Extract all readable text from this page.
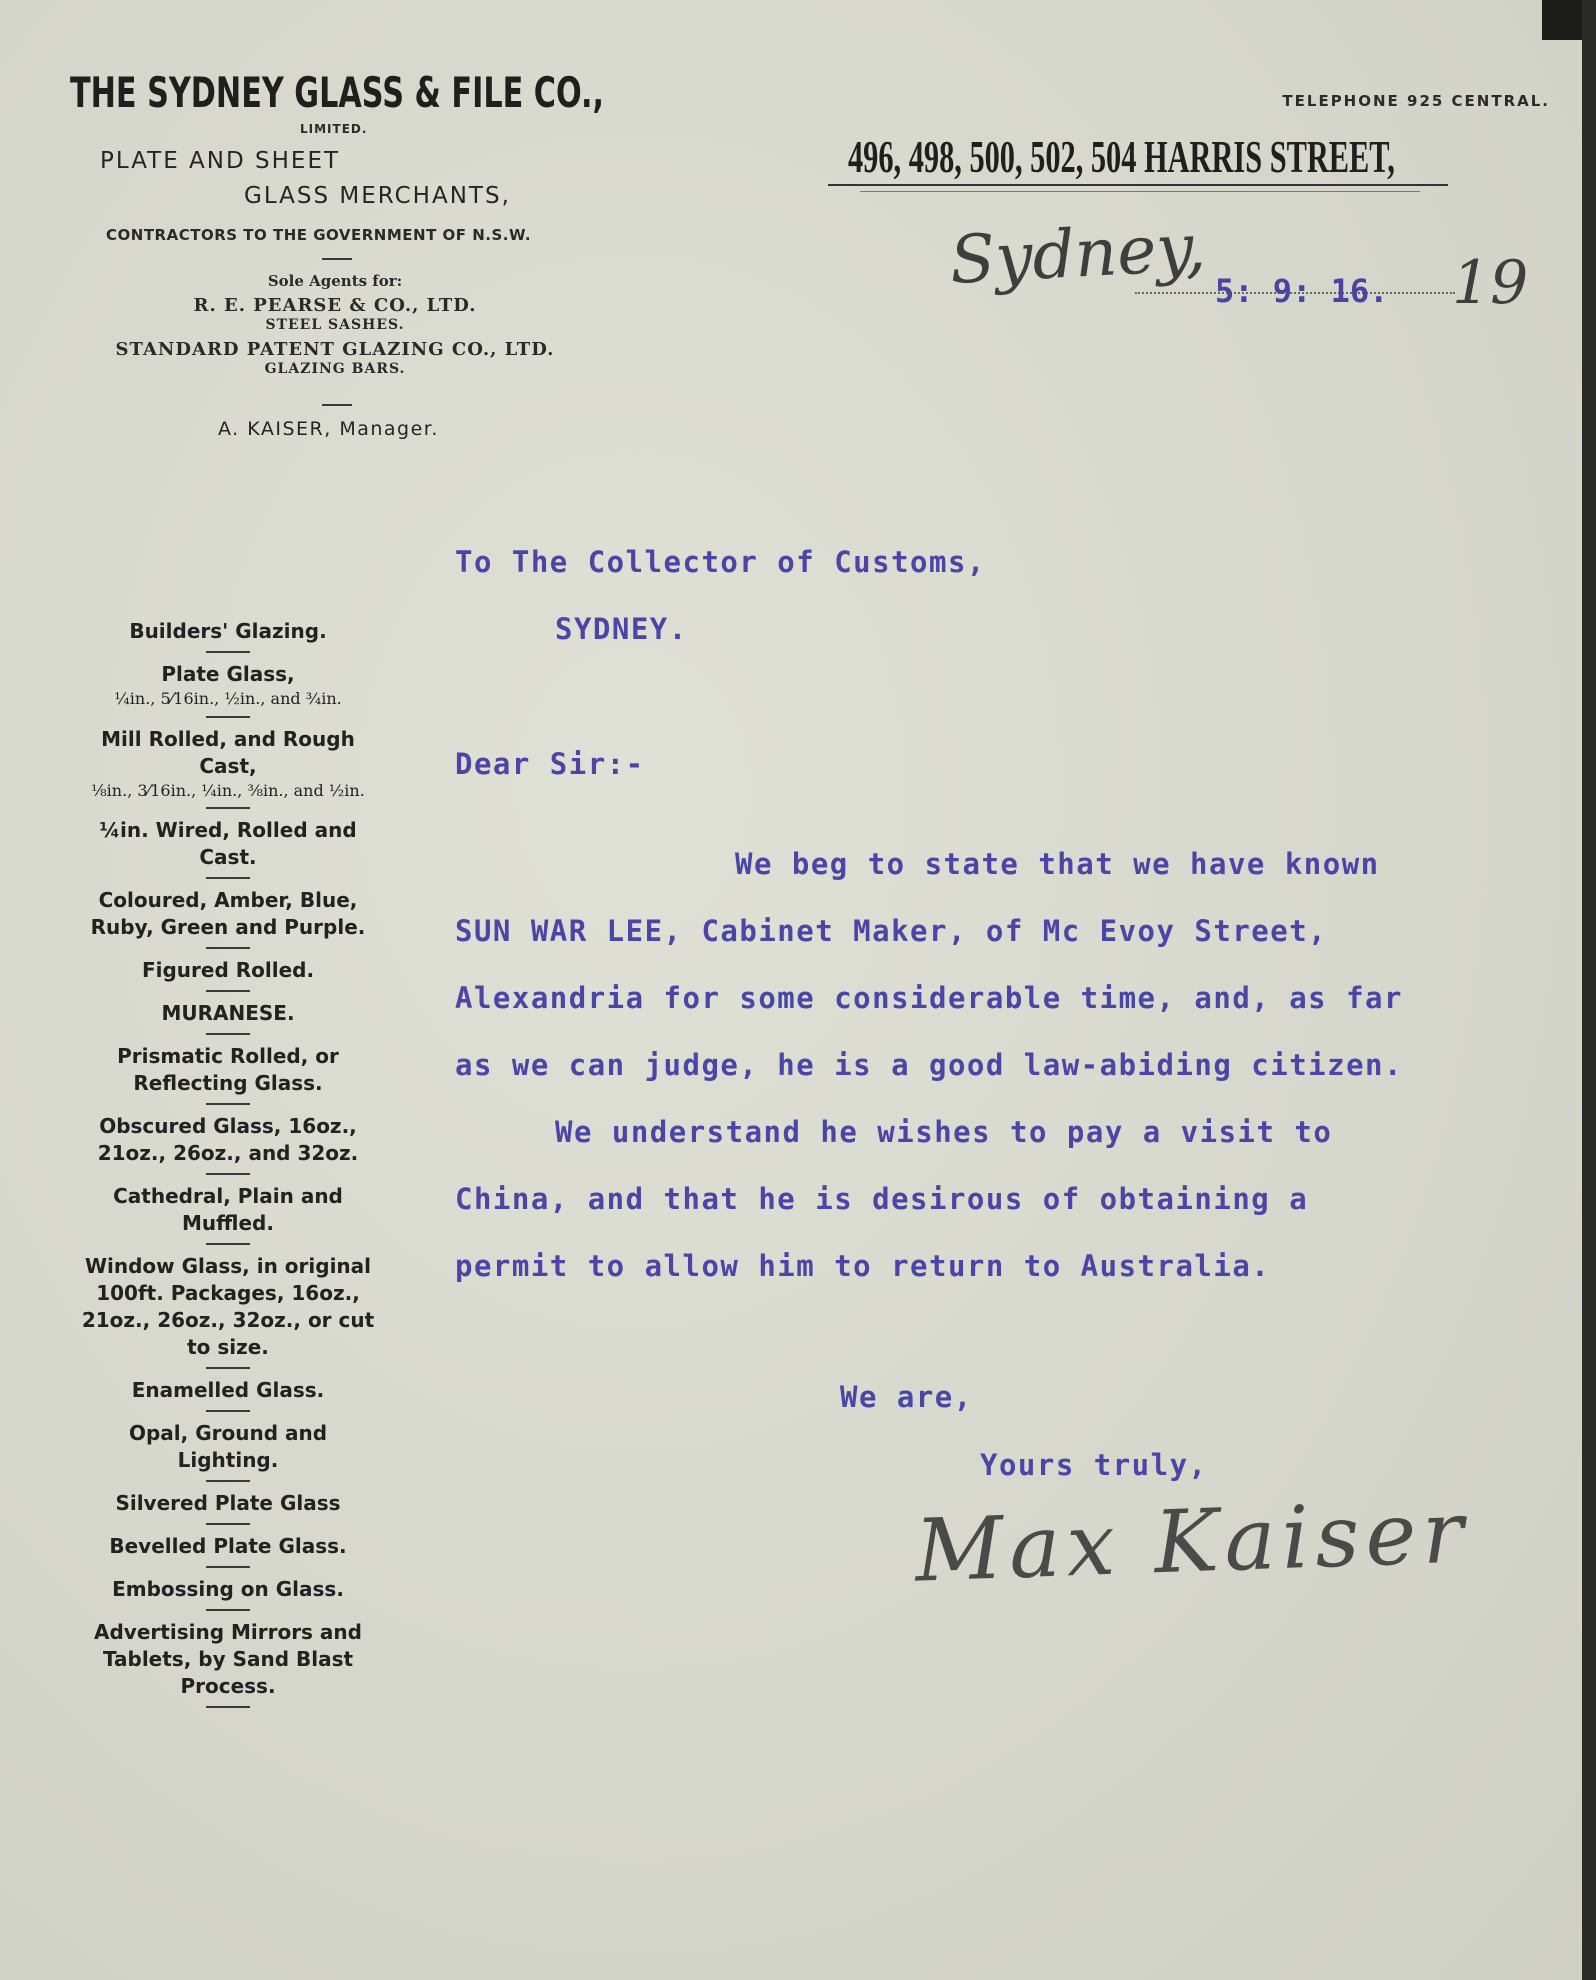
THE SYDNEY GLASS & FILE CO.,
LIMITED.
PLATE AND SHEET
GLASS MERCHANTS,
CONTRACTORS TO THE GOVERNMENT OF N.S.W.
Sole Agents for:
R. E. PEARSE & CO., LTD.
STEEL SASHES.
STANDARD PATENT GLAZING CO., LTD.
GLAZING BARS.
A. KAISER, Manager.
TELEPHONE 925 CENTRAL.
496, 498, 500, 502, 504 HARRIS STREET,
Sydney, 5: 9: 16. 19
Builders' Glazing.
Plate Glass,
¼in., 5⁄16in., ½in., and ¾in.
Mill Rolled, and Rough Cast,
⅛in., 3⁄16in., ¼in., ⅜in., and ½in.
¼in. Wired, Rolled and Cast.
Coloured, Amber, Blue, Ruby, Green and Purple.
Figured Rolled.
MURANESE.
Prismatic Rolled, or Reflecting Glass.
Obscured Glass, 16oz., 21oz., 26oz., and 32oz.
Cathedral, Plain and Muffled.
Window Glass, in original 100ft. Packages, 16oz., 21oz., 26oz., 32oz., or cut to size.
Enamelled Glass.
Opal, Ground and Lighting.
Silvered Plate Glass
Bevelled Plate Glass.
Embossing on Glass.
Advertising Mirrors and Tablets, by Sand Blast Process.
To The Collector of Customs,
SYDNEY.
Dear Sir:-
We beg to state that we have known
SUN WAR LEE, Cabinet Maker, of Mc Evoy Street,
Alexandria for some considerable time, and, as far
as we can judge, he is a good law-abiding citizen.
We understand he wishes to pay a visit to
China, and that he is desirous of obtaining a
permit to allow him to return to Australia.
We are,
Yours truly,
Max Kaiser
